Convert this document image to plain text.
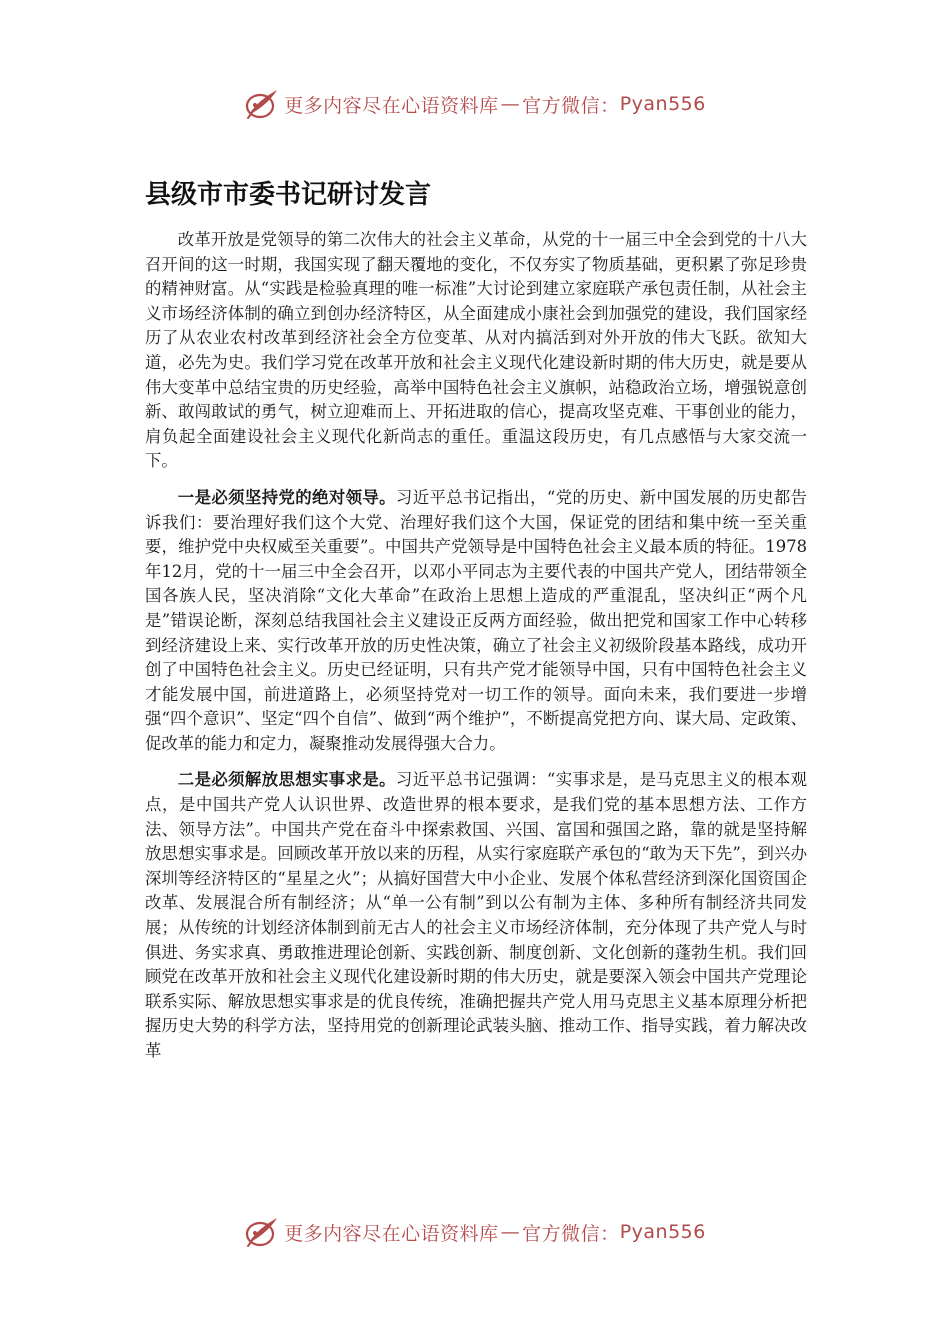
更多内容尽在心语资料库 — 官方微信： Pyan556
县级市市委书记研讨发言

改革开放是党领导的第二次伟大的社会主义革命，从党的十一届三中全会到党的十八大召开间的这一时期，我国实现了翻天覆地的变化，不仅夯实了物质基础，更积累了弥足珍贵的精神财富。从“实践是检验真理的唯一标准”大讨论到建立家庭联产承包责任制，从社会主义市场经济体制的确立到创办经济特区，从全面建成小康社会到加强党的建设，我们国家经历了从农业农村改革到经济社会全方位变革、从对内搞活到对外开放的伟大飞跃。欲知大道，必先为史。我们学习党在改革开放和社会主义现代化建设新时期的伟大历史，就是要从伟大变革中总结宝贵的历史经验，高举中国特色社会主义旗帜，站稳政治立场，增强锐意创新、敢闯敢试的勇气，树立迎难而上、开拓进取的信心，提高攻坚克难、干事创业的能力，肩负起全面建设社会主义现代化新尚志的重任。重温这段历史，有几点感悟与大家交流一下。

一是必须坚持党的绝对领导。习近平总书记指出，“党的历史、新中国发展的历史都告诉我们：要治理好我们这个大党、治理好我们这个大国，保证党的团结和集中统一至关重要，维护党中央权威至关重要”。中国共产党领导是中国特色社会主义最本质的特征。1978年12月，党的十一届三中全会召开，以邓小平同志为主要代表的中国共产党人，团结带领全国各族人民，坚决消除“文化大革命”在政治上思想上造成的严重混乱，坚决纠正“两个凡是”错误论断，深刻总结我国社会主义建设正反两方面经验，做出把党和国家工作中心转移到经济建设上来、实行改革开放的历史性决策，确立了社会主义初级阶段基本路线，成功开创了中国特色社会主义。历史已经证明，只有共产党才能领导中国，只有中国特色社会主义才能发展中国，前进道路上，必须坚持党对一切工作的领导。面向未来，我们要进一步增强“四个意识”、坚定“四个自信”、做到“两个维护”，不断提高党把方向、谋大局、定政策、促改革的能力和定力，凝聚推动发展得强大合力。

二是必须解放思想实事求是。习近平总书记强调：“实事求是，是马克思主义的根本观点，是中国共产党人认识世界、改造世界的根本要求，是我们党的基本思想方法、工作方法、领导方法”。中国共产党在奋斗中探索救国、兴国、富国和强国之路，靠的就是坚持解放思想实事求是。回顾改革开放以来的历程，从实行家庭联产承包的“敢为天下先”，到兴办深圳等经济特区的“星星之火”；从搞好国营大中小企业、发展个体私营经济到深化国资国企改革、发展混合所有制经济；从“单一公有制”到以公有制为主体、多种所有制经济共同发展；从传统的计划经济体制到前无古人的社会主义市场经济体制，充分体现了共产党人与时俱进、务实求真、勇敢推进理论创新、实践创新、制度创新、文化创新的蓬勃生机。我们回顾党在改革开放和社会主义现代化建设新时期的伟大历史，就是要深入领会中国共产党理论联系实际、解放思想实事求是的优良传统，准确把握共产党人用马克思主义基本原理分析把握历史大势的科学方法，坚持用党的创新理论武装头脑、推动工作、指导实践，着力解决改革

更多内容尽在心语资料库 — 官方微信： Pyan556
